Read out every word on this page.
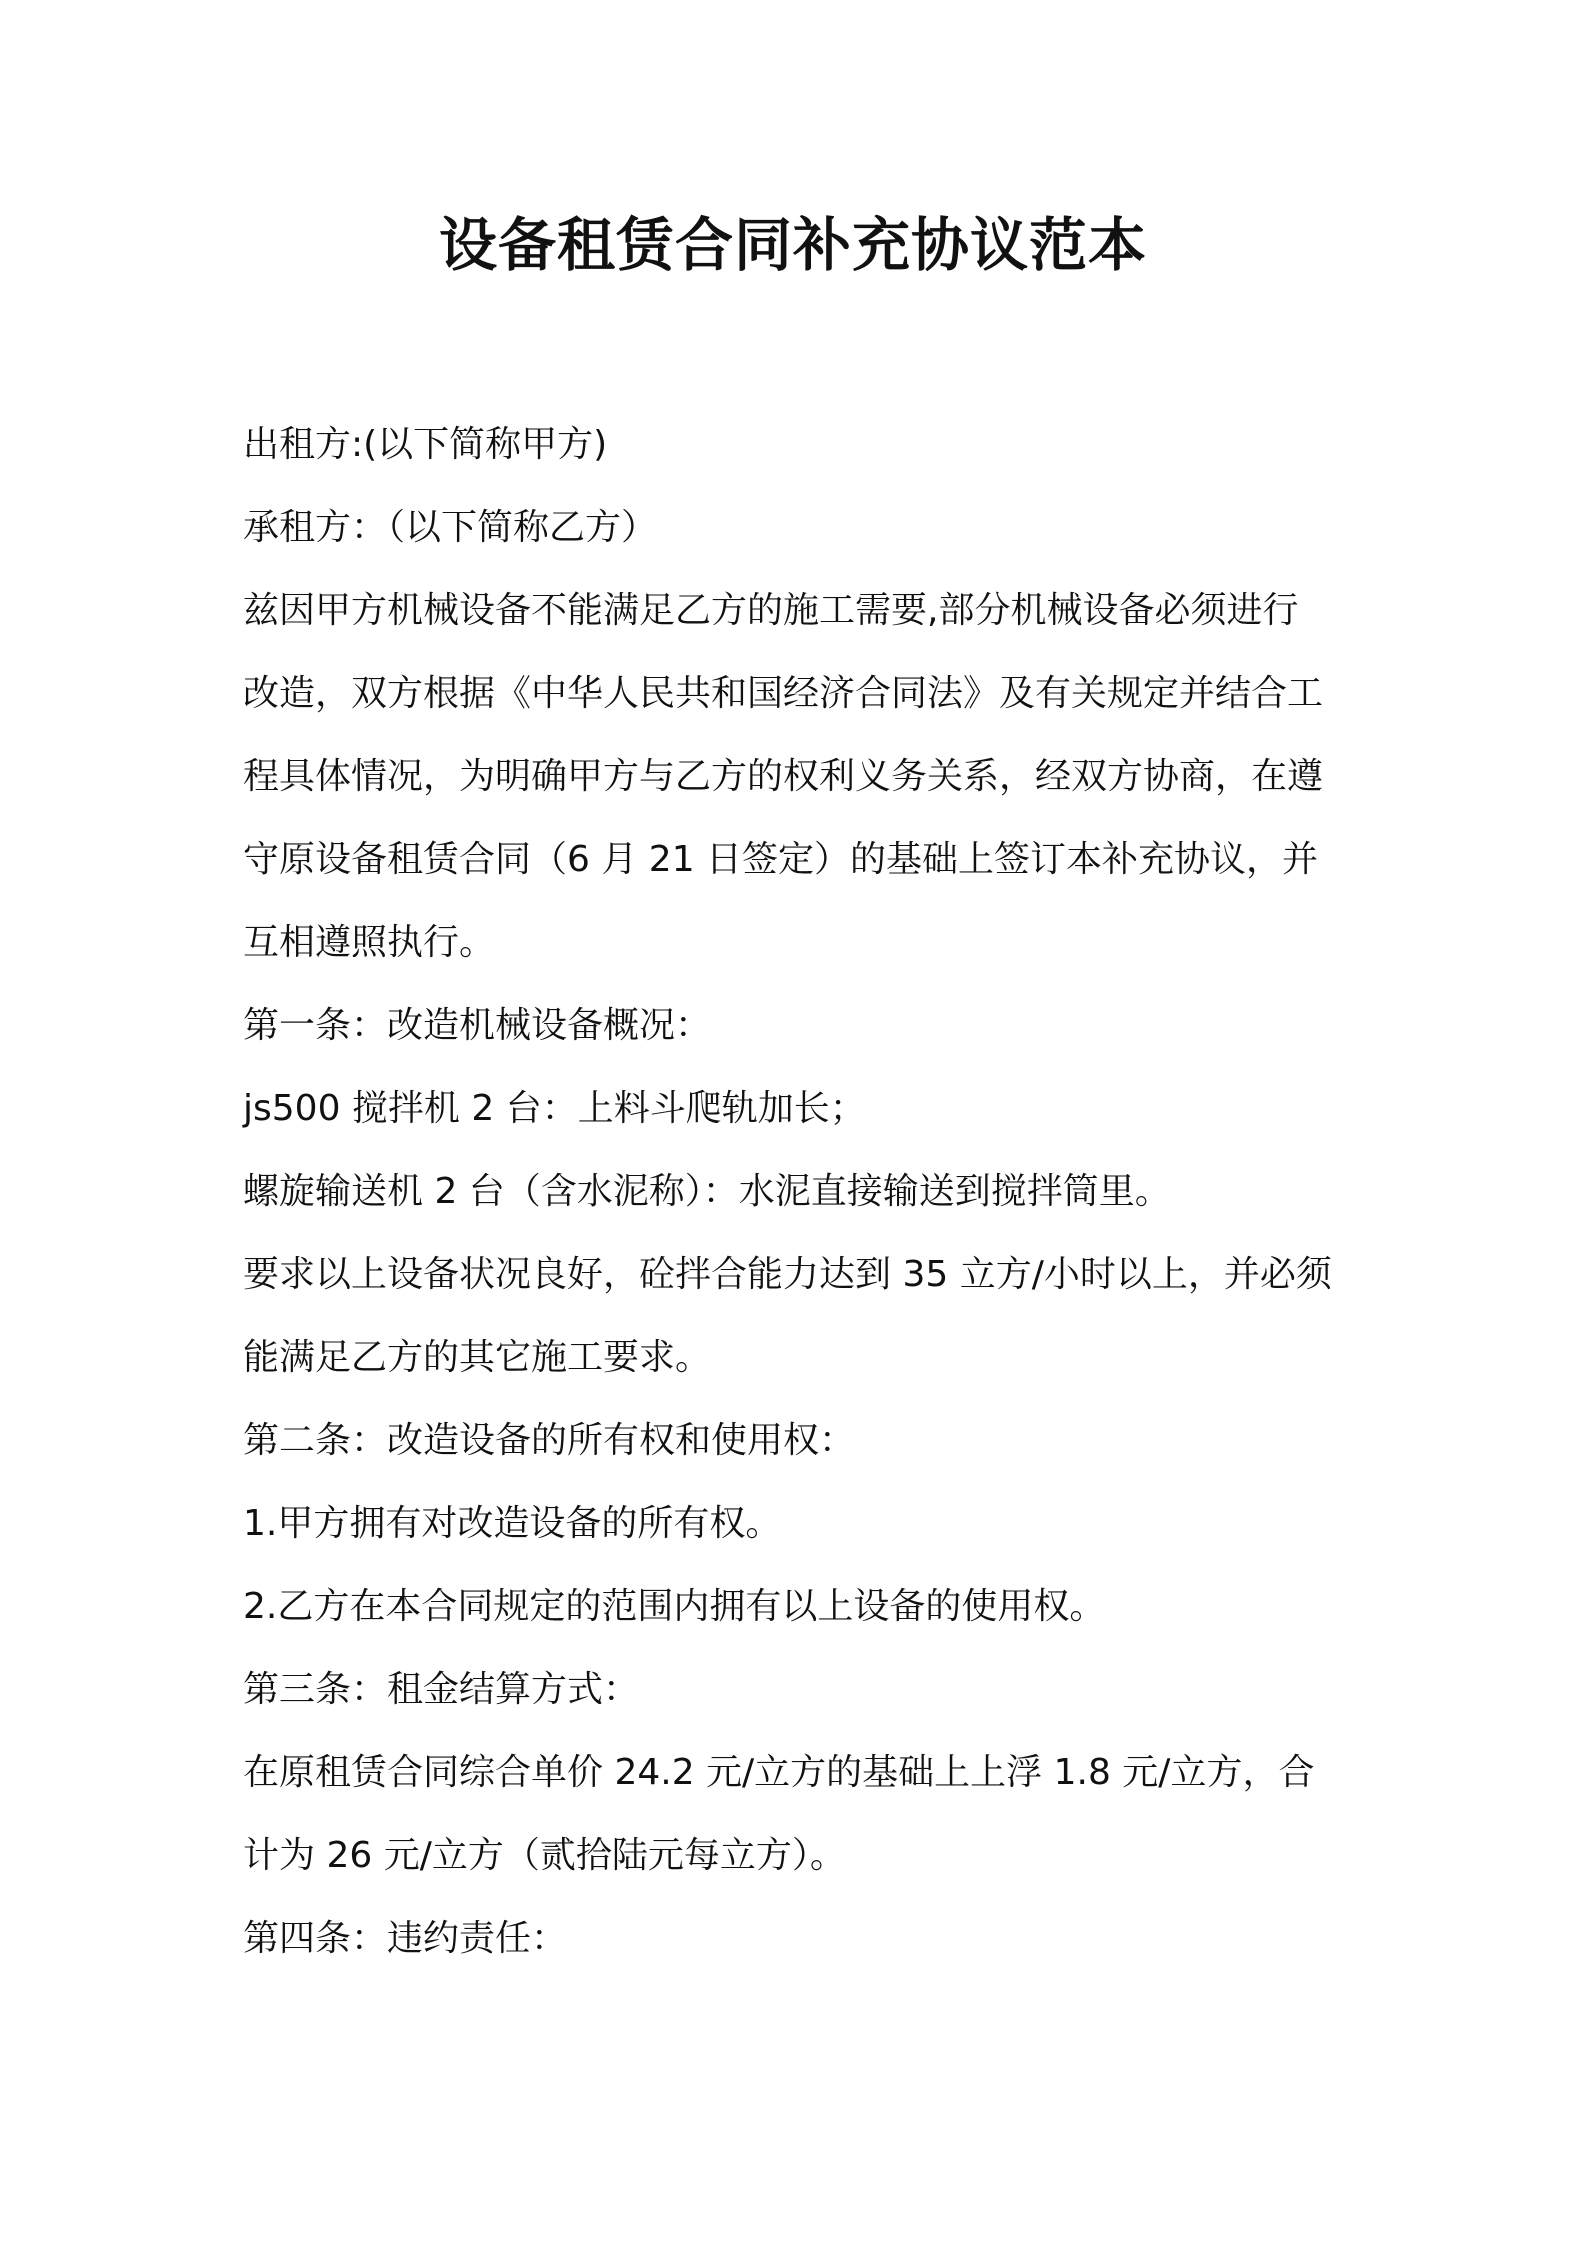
设备租赁合同补充协议范本
出租方:(以下简称甲方)
承租方：（以下简称乙方）
兹因甲方机械设备不能满足乙方的施工需要,部分机械设备必须进行
改造，双方根据《中华人民共和国经济合同法》及有关规定并结合工
程具体情况，为明确甲方与乙方的权利义务关系，经双方协商，在遵
守原设备租赁合同（6 月 21 日签定）的基础上签订本补充协议，并
互相遵照执行。
第一条：改造机械设备概况：
js500 搅拌机 2 台：上料斗爬轨加长；
螺旋输送机 2 台（含水泥称）：水泥直接输送到搅拌筒里。
要求以上设备状况良好，砼拌合能力达到 35 立方/小时以上，并必须
能满足乙方的其它施工要求。
第二条：改造设备的所有权和使用权：
1.甲方拥有对改造设备的所有权。
2.乙方在本合同规定的范围内拥有以上设备的使用权。
第三条：租金结算方式：
在原租赁合同综合单价 24.2 元/立方的基础上上浮 1.8 元/立方，合
计为 26 元/立方（贰拾陆元每立方）。
第四条：违约责任：
